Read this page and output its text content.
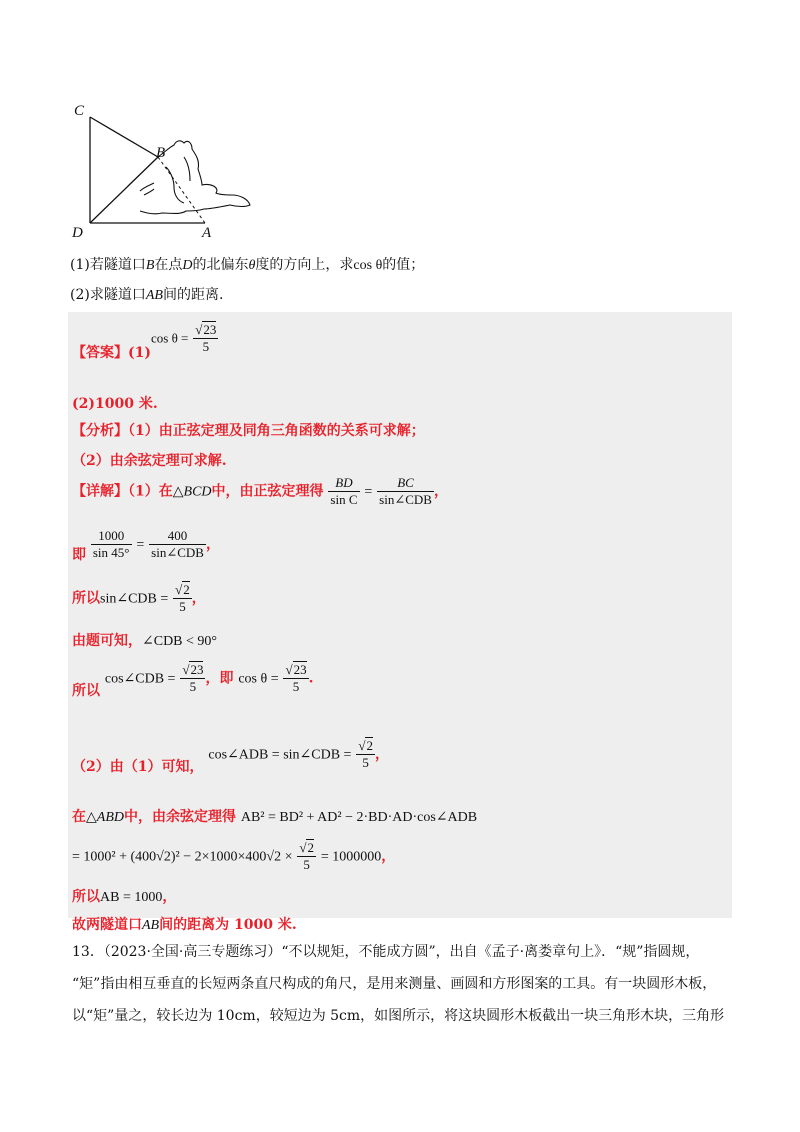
C
B
D	A
(1)若隧道口B在点D的北偏东θ度的方向上，求cos θ的值；
(2)求隧道口AB间的距离.
【答案】(1)cos $\theta = \frac{√23}{5}$
(2)1000 米.
【分析】（1）由正弦定理及同角三角函数的关系可求解；
（2）由余弦定理可求解.
【详解】（1）在△BCD中，由正弦定理得 $\frac{BD}{\text{sin C}} = \frac{BC}{\text{sin∠CDB}}$ ，
即 $\frac{1000}{\sin 45^\circ} = \frac{400}{\text{sin∠CDB}}$ ，
所以sin∠CDB = $\frac{√2}{5}$ ，
由题可知，∠CDB < 90°
所以 cos∠CDB = $\frac{√23}{5}$ ，即 $\cos \theta = \frac{√23}{5}$ .
（2）由（1）可知， cos∠ADB = sin∠CDB = $\frac{√2}{5}$ ，
在△ABD中，由余弦定理得 AB² = BD² + AD² − 2·BD·AD·cos∠ADB
= $1000^2 + (400√2)^2 - 2\times 1000\times 400√2 \times \frac{√2}{5} = 1000000$，
所以AB = 1000，
故两隧道口AB间的距离为 1000 米.
13．（2023·全国·高三专题练习）“不以规矩，不能成方圆”，出自《孟子·离娄章句上》．“规”指圆规，
“矩”指由相互垂直的长短两条直尺构成的角尺，是用来测量、画圆和方形图案的工具。有一块圆形木板，
以“矩”量之，较长边为 10cm，较短边为 5cm，如图所示，将这块圆形木板截出一块三角形木块，三角形
